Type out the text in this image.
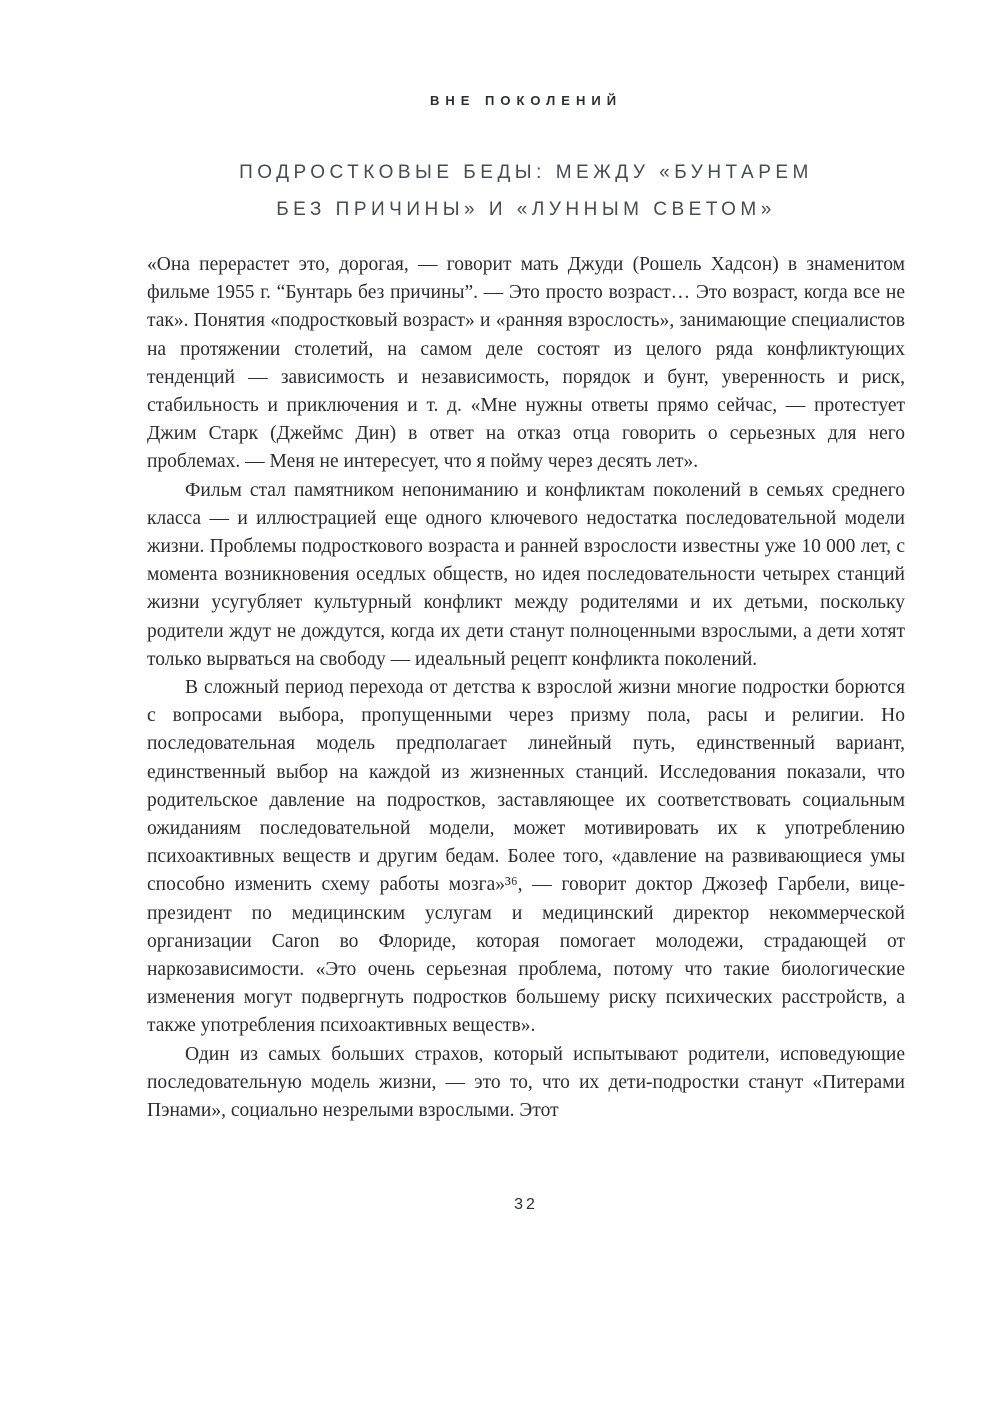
ВНЕ ПОКОЛЕНИЙ
ПОДРОСТКОВЫЕ БЕДЫ: МЕЖДУ «БУНТАРЕМ
БЕЗ ПРИЧИНЫ» И «ЛУННЫМ СВЕТОМ»

«Она перерастет это, дорогая, — говорит мать Джуди (Рошель Хадсон) в знаменитом фильме 1955 г. “Бунтарь без причины”. — Это просто возраст… Это возраст, когда все не так». Понятия «подростковый возраст» и «ранняя взрослость», занимающие специалистов на протяжении столетий, на самом деле состоят из целого ряда конфликтующих тенденций — зависимость и независимость, порядок и бунт, уверенность и риск, стабильность и приключения и т. д. «Мне нужны ответы прямо сейчас, — протестует Джим Старк (Джеймс Дин) в ответ на отказ отца говорить о серьезных для него проблемах. — Меня не интересует, что я пойму через десять лет».

Фильм стал памятником непониманию и конфликтам поколений в семьях среднего класса — и иллюстрацией еще одного ключевого недостатка последовательной модели жизни. Проблемы подросткового возраста и ранней взрослости известны уже 10 000 лет, с момента возникновения оседлых обществ, но идея последовательности четырех станций жизни усугубляет культурный конфликт между родителями и их детьми, поскольку родители ждут не дождутся, когда их дети станут полноценными взрослыми, а дети хотят только вырваться на свободу — идеальный рецепт конфликта поколений.

В сложный период перехода от детства к взрослой жизни многие подростки борются с вопросами выбора, пропущенными через призму пола, расы и религии. Но последовательная модель предполагает линейный путь, единственный вариант, единственный выбор на каждой из жизненных станций. Исследования показали, что родительское давление на подростков, заставляющее их соответствовать социальным ожиданиям последовательной модели, может мотивировать их к употреблению психоактивных веществ и другим бедам. Более того, «давление на развивающиеся умы способно изменить схему работы мозга»³⁶, — говорит доктор Джозеф Гарбели, вице-президент по медицинским услугам и медицинский директор некоммерческой организации Caron во Флориде, которая помогает молодежи, страдающей от наркозависимости. «Это очень серьезная проблема, потому что такие биологические изменения могут подвергнуть подростков большему риску психических расстройств, а также употребления психоактивных веществ».

Один из самых больших страхов, который испытывают родители, исповедующие последовательную модель жизни, — это то, что их дети-подростки станут «Питерами Пэнами», социально незрелыми взрослыми. Этот

32
